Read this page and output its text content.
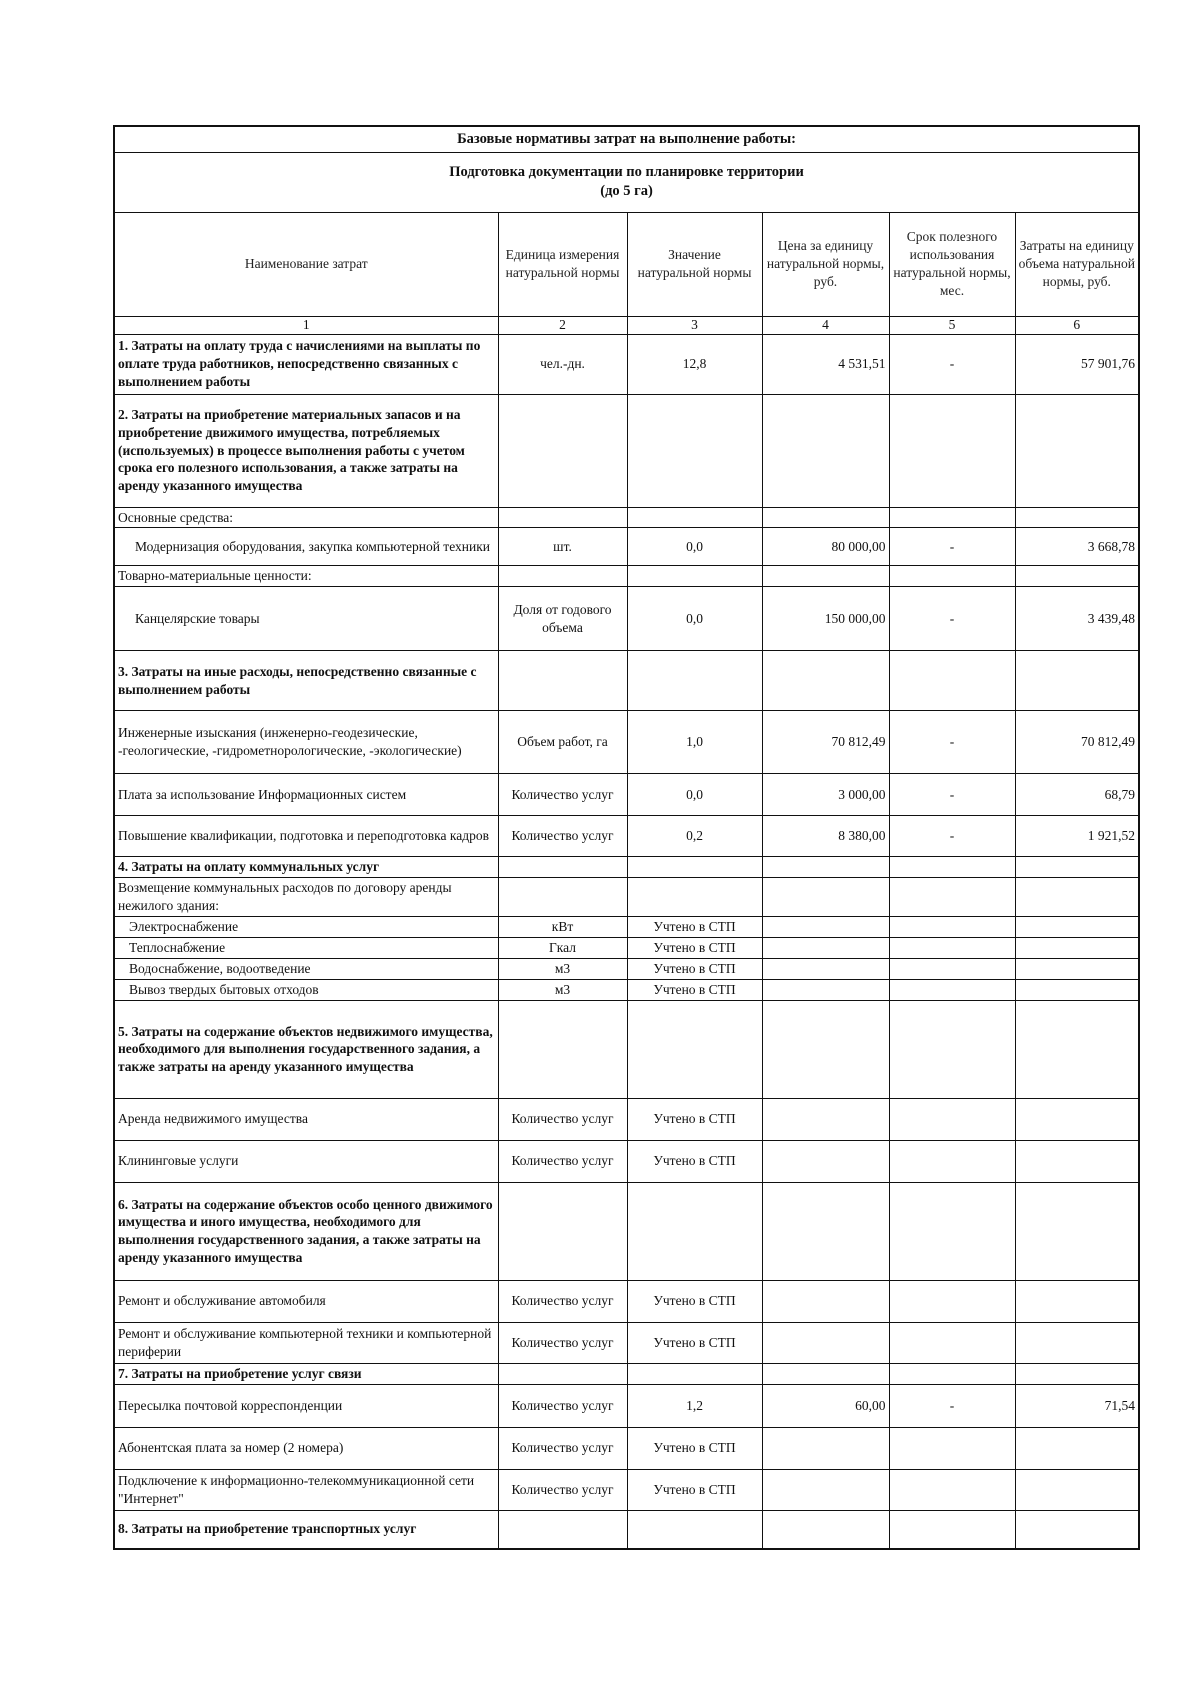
Базовые нормативы затрат на выполнение работы:					

Подготовка документации по планировке территории
(до 5 га)					

Наименование затрат	Единица измерения натуральной нормы	Значение натуральной нормы	Цена за единицу натуральной нормы, руб.	Срок полезного использования натуральной нормы, мес.	Затраты на единицу объема натуральной нормы, руб.
1	2	3	4	5	6
1. Затраты на оплату труда с начислениями на выплаты по оплате труда работников, непосредственно связанных с выполнением работы	чел.-дн.	12,8	4 531,51	-	57 901,76
2. Затраты на приобретение материальных запасов и на приобретение движимого имущества, потребляемых (используемых) в процессе выполнения работы с учетом срока его полезного использования, а также затраты на аренду указанного имущества					
Основные средства:					
Модернизация оборудования, закупка компьютерной техники	шт.	0,0	80 000,00	-	3 668,78
Товарно-материальные ценности:					
Канцелярские товары	Доля от годового объема	0,0	150 000,00	-	3 439,48
3. Затраты на иные расходы, непосредственно связанные с выполнением работы					
Инженерные изыскания (инженерно-геодезические, -геологические, -гидрометнорологические, -экологические)	Объем работ, га	1,0	70 812,49	-	70 812,49
Плата за использование Информационных систем	Количество услуг	0,0	3 000,00	-	68,79
Повышение квалификации, подготовка и переподготовка кадров	Количество услуг	0,2	8 380,00	-	1 921,52
4. Затраты на оплату коммунальных услуг					
Возмещение коммунальных расходов по договору аренды нежилого здания:					
Электроснабжение	кВт	Учтено в СТП			
Теплоснабжение	Гкал	Учтено в СТП			
Водоснабжение, водоотведение	м3	Учтено в СТП			
Вывоз твердых бытовых отходов	м3	Учтено в СТП			
5. Затраты на содержание объектов недвижимого имущества, необходимого для выполнения государственного задания, а также затраты на аренду указанного имущества					
Аренда недвижимого имущества	Количество услуг	Учтено в СТП			
Клининговые услуги	Количество услуг	Учтено в СТП			
6. Затраты на содержание объектов особо ценного движимого имущества и иного имущества, необходимого для выполнения государственного задания, а также затраты на аренду указанного имущества					
Ремонт и обслуживание автомобиля	Количество услуг	Учтено в СТП			
Ремонт и обслуживание компьютерной техники и компьютерной периферии	Количество услуг	Учтено в СТП			
7. Затраты на приобретение услуг связи					
Пересылка почтовой корреспонденции	Количество услуг	1,2	60,00	-	71,54
Абонентская плата за номер (2 номера)	Количество услуг	Учтено в СТП			
Подключение к информационно-телекоммуникационной сети "Интернет"	Количество услуг	Учтено в СТП			
8. Затраты на приобретение транспортных услуг					
